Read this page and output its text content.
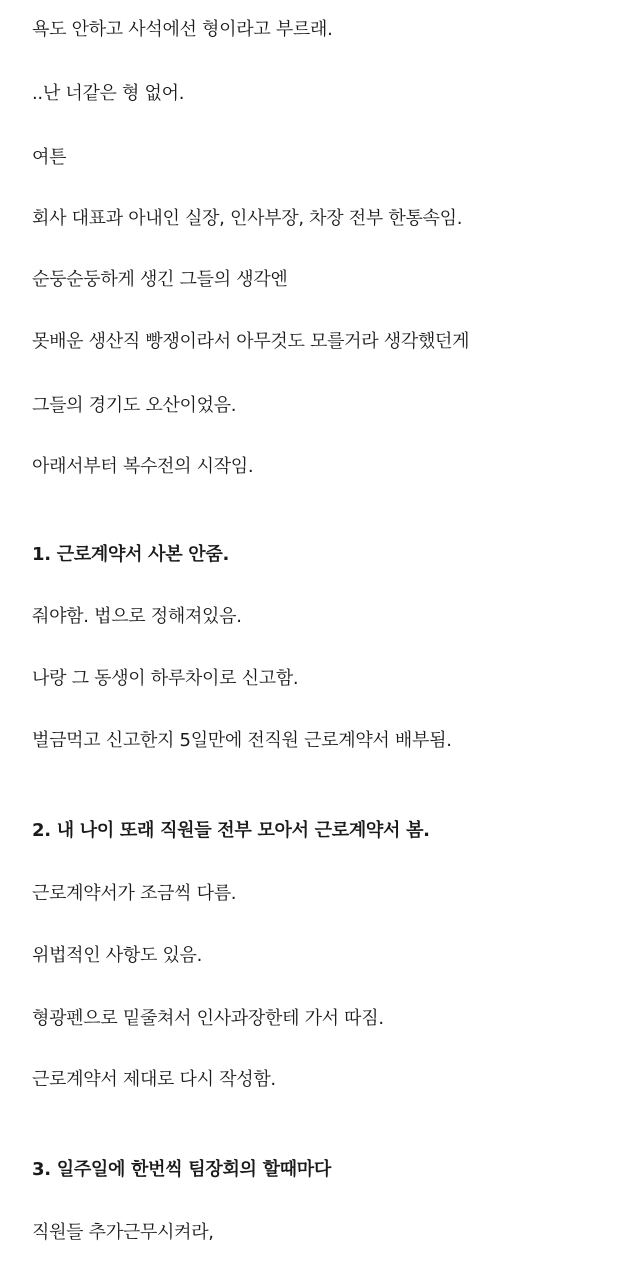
욕도 안하고 사석에선 형이라고 부르래.
..난 너같은 형 없어.
여튼
회사 대표과 아내인 실장, 인사부장, 차장 전부 한통속임.
순둥순둥하게 생긴 그들의 생각엔
못배운 생산직 빵쟁이라서 아무것도 모를거라 생각했던게
그들의 경기도 오산이었음.
아래서부터 복수전의 시작임.
1. 근로계약서 사본 안줌.
줘야함. 법으로 정해져있음.
나랑 그 동생이 하루차이로 신고함.
벌금먹고 신고한지 5일만에 전직원 근로계약서 배부됨.
2. 내 나이 또래 직원들 전부 모아서 근로계약서 봄.
근로계약서가 조금씩 다름.
위법적인 사항도 있음.
형광펜으로 밑줄쳐서 인사과장한테 가서 따짐.
근로계약서 제대로 다시 작성함.
3. 일주일에 한번씩 팀장회의 할때마다
직원들 추가근무시켜라,
